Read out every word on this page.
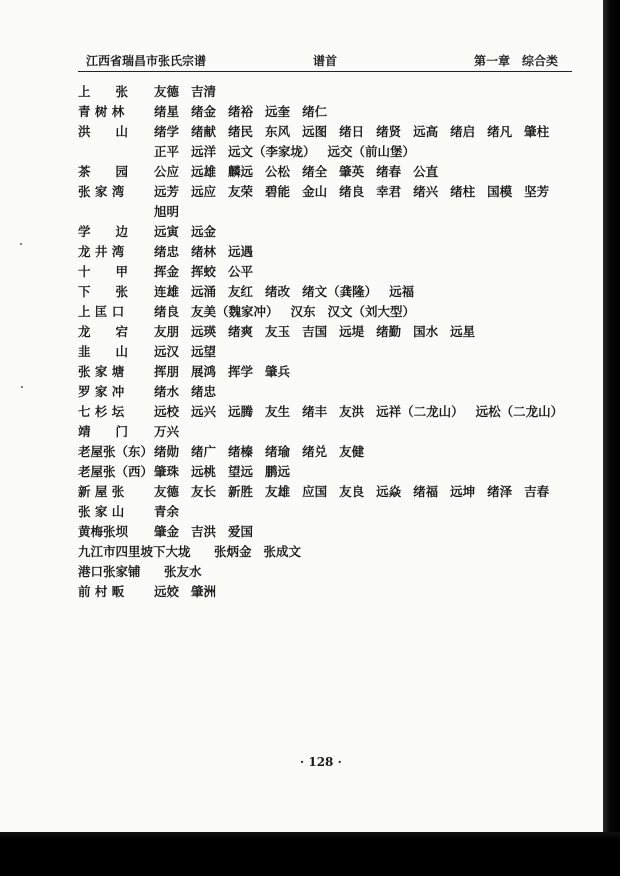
江西省瑞昌市张氏宗谱	谱首	第一章　综合类
上　　张 友德 吉清
青 树 林 绪星 绪金 绪裕 远奎 绪仁
洪　　山 绪学 绪献 绪民 东风 远图 绪日 绪贤 远高 绪启 绪凡 肇柱
正平 远洋 远文（李家垅） 远交（前山堡）
茶　　园 公应 远雄 麟远 公松 绪全 肇英 绪春 公直
张 家 湾 远芳 远应 友荣 碧能 金山 绪良 幸君 绪兴 绪柱 国模 坚芳
旭明
学　　边 远寅 远金
龙 井 湾 绪忠 绪林 远遇
十　　甲 挥金 挥蛟 公平
下　　张 连雄 远涌 友红 绪改 绪文（龚隆） 远福
上 匡 口 绪良 友美（魏家冲） 汉东 汉文（刘大型）
龙　　宕 友朋 远瑛 绪爽 友玉 吉国 远堤 绪勤 国水 远星
韭　　山 远汉 远望
张 家 塘 挥朋 展鸿 挥学 肇兵
罗 家 冲 绪水 绪忠
七 杉 坛 远校 远兴 远腾 友生 绪丰 友洪 远祥（二龙山） 远松（二龙山）
靖　　门 万兴
老屋张（东） 绪勋 绪广 绪榛 绪瑜 绪兑 友健
老屋张（西） 肇珠 远桃 望远 鹏远
新 屋 张 友德 友长 新胜 友雄 应国 友良 远焱 绪福 远坤 绪泽 吉春
张 家 山 青余
黄梅张坝 肇金 吉洪 爱国
九江市四里坡下大垅 张炳金 张成文
港口张家铺 张友水
前 村 畈 远姣 肇洲
· 128 ·
